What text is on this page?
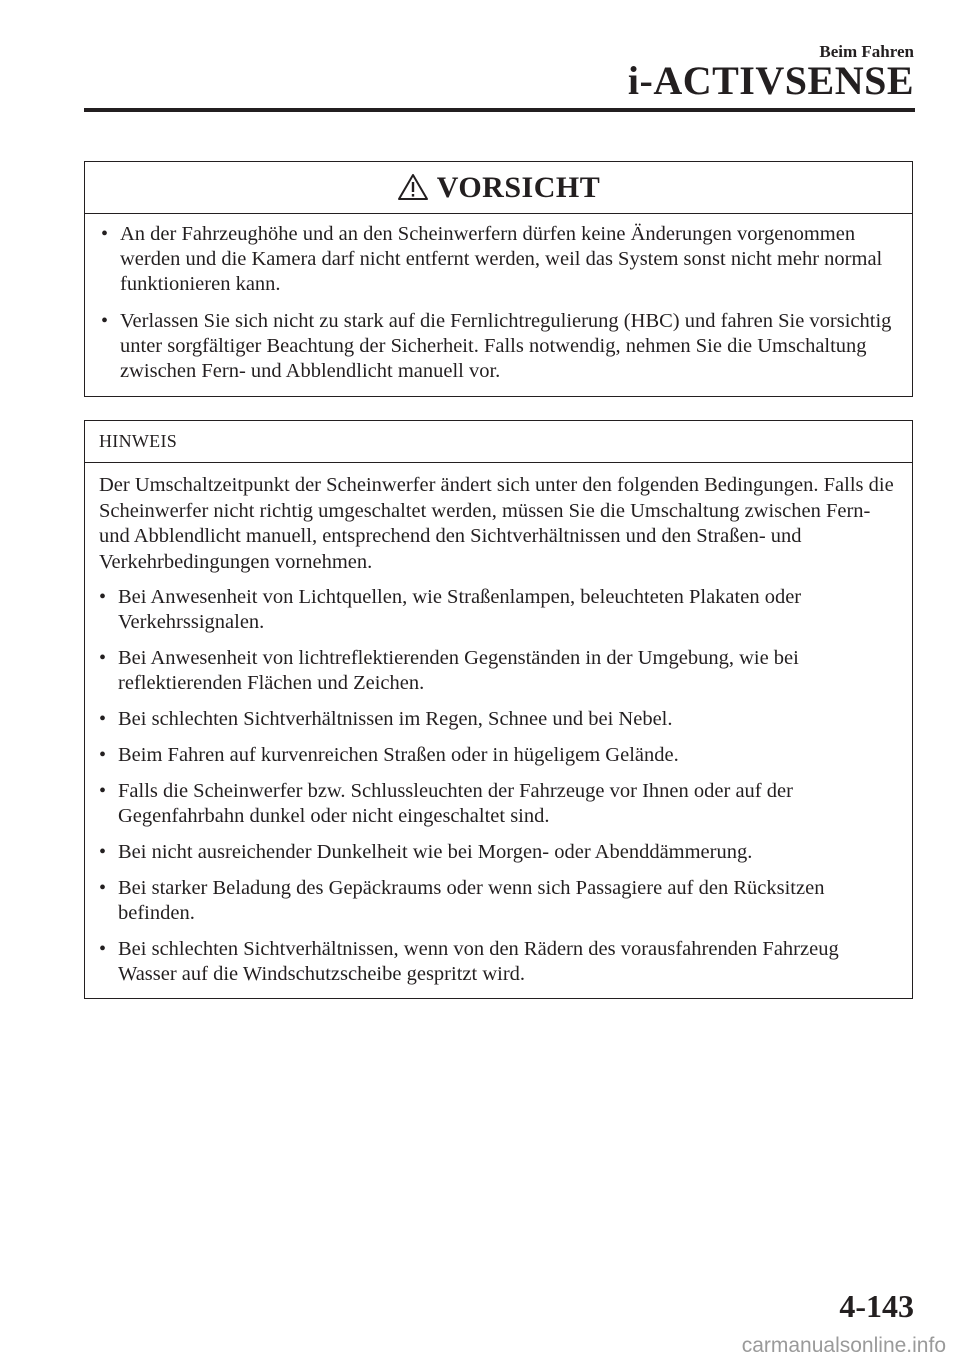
Beim Fahren
i-ACTIVSENSE
VORSICHT
• An der Fahrzeughöhe und an den Scheinwerfern dürfen keine Änderungen vorgenommen werden und die Kamera darf nicht entfernt werden, weil das System sonst nicht mehr normal funktionieren kann.
• Verlassen Sie sich nicht zu stark auf die Fernlichtregulierung (HBC) und fahren Sie vorsichtig unter sorgfältiger Beachtung der Sicherheit. Falls notwendig, nehmen Sie die Umschaltung zwischen Fern- und Abblendlicht manuell vor.
HINWEIS

Der Umschaltzeitpunkt der Scheinwerfer ändert sich unter den folgenden Bedingungen. Falls die Scheinwerfer nicht richtig umgeschaltet werden, müssen Sie die Umschaltung zwischen Fern- und Abblendlicht manuell, entsprechend den Sichtverhältnissen und den Straßen- und Verkehrbedingungen vornehmen.

• Bei Anwesenheit von Lichtquellen, wie Straßenlampen, beleuchteten Plakaten oder Verkehrssignalen.
• Bei Anwesenheit von lichtreflektierenden Gegenständen in der Umgebung, wie bei reflektierenden Flächen und Zeichen.
• Bei schlechten Sichtverhältnissen im Regen, Schnee und bei Nebel.
• Beim Fahren auf kurvenreichen Straßen oder in hügeligem Gelände.
• Falls die Scheinwerfer bzw. Schlussleuchten der Fahrzeuge vor Ihnen oder auf der Gegenfahrbahn dunkel oder nicht eingeschaltet sind.
• Bei nicht ausreichender Dunkelheit wie bei Morgen- oder Abenddämmerung.
• Bei starker Beladung des Gepäckraums oder wenn sich Passagiere auf den Rücksitzen befinden.
• Bei schlechten Sichtverhältnissen, wenn von den Rädern des vorausfahrenden Fahrzeug Wasser auf die Windschutzscheibe gespritzt wird.
4-143
carmanualsonline.info
